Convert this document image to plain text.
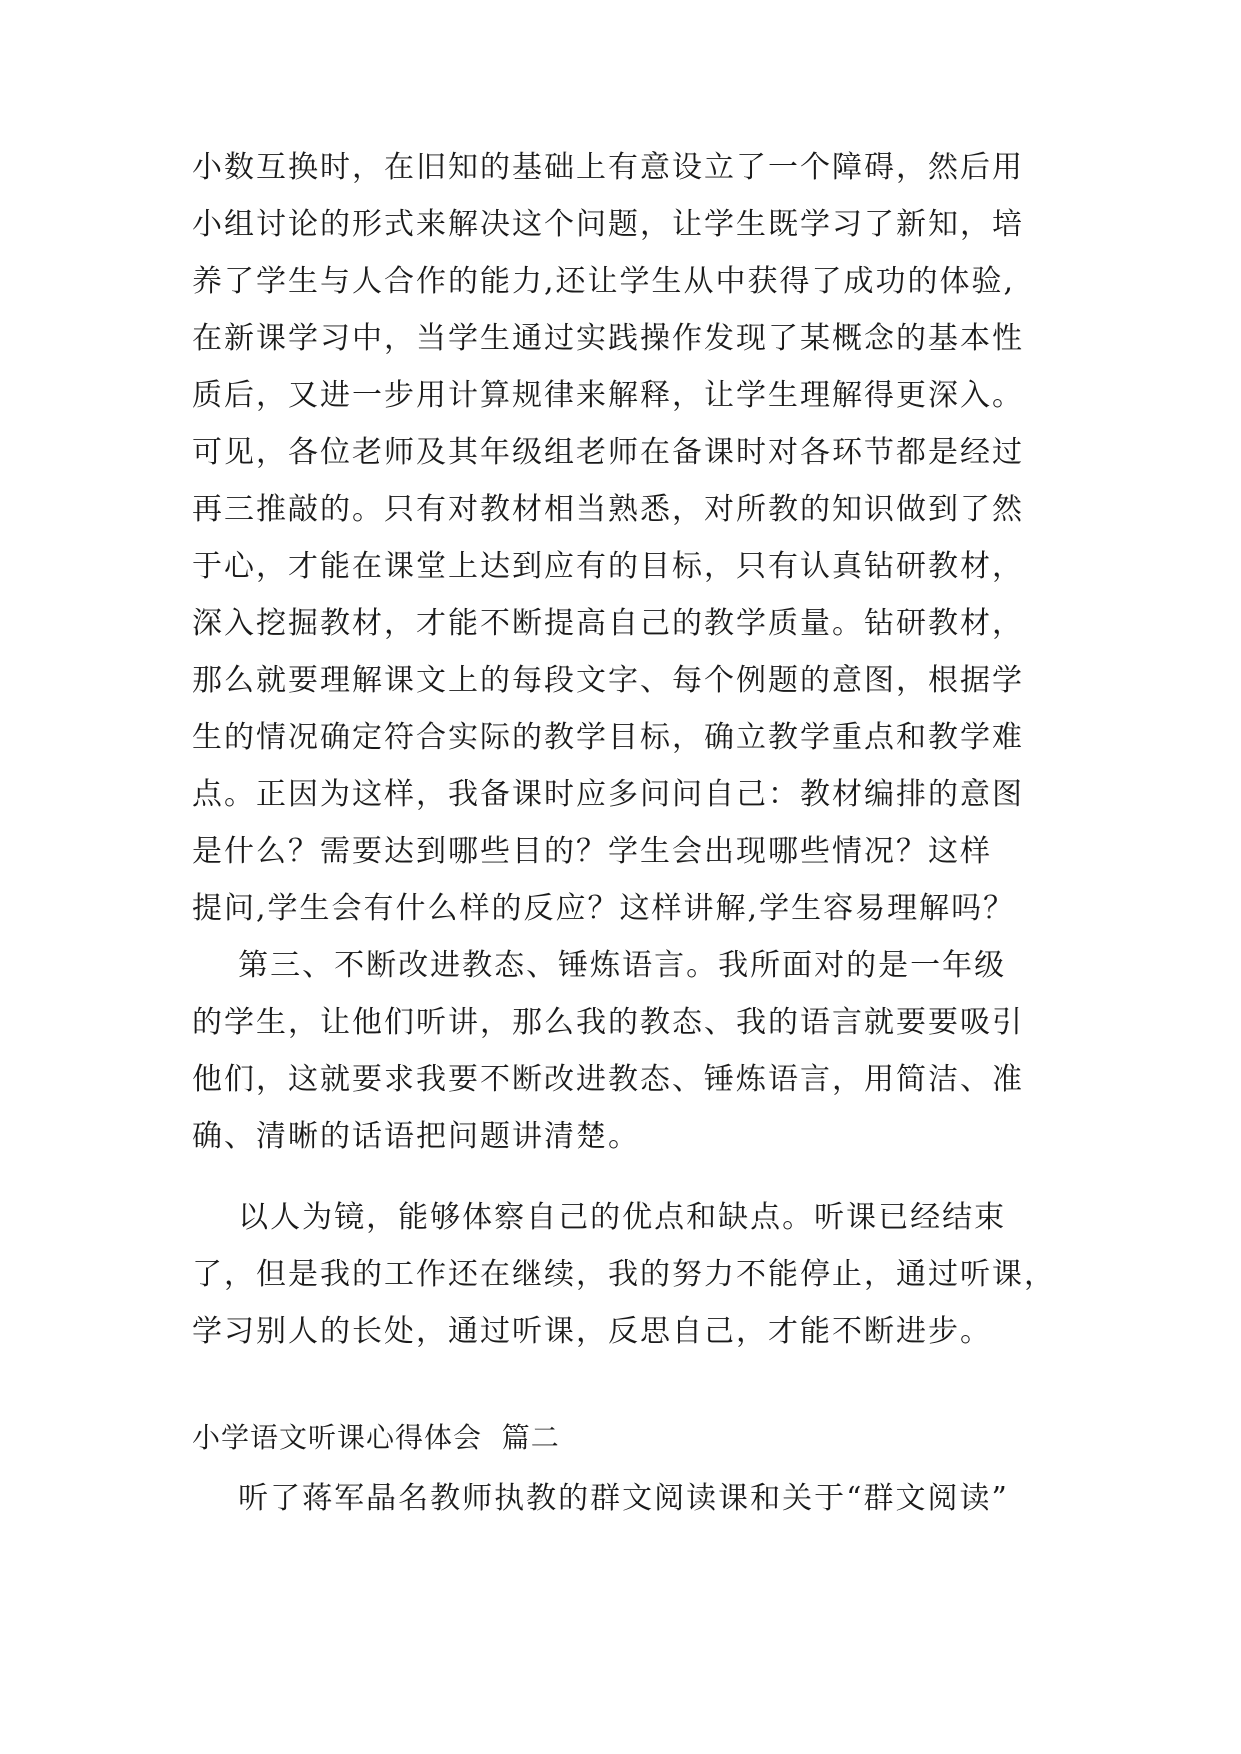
小数互换时，在旧知的基础上有意设立了一个障碍，然后用
小组讨论的形式来解决这个问题，让学生既学习了新知，培
养了学生与人合作的能力,还让学生从中获得了成功的体验,
在新课学习中，当学生通过实践操作发现了某概念的基本性
质后，又进一步用计算规律来解释，让学生理解得更深入。
可见，各位老师及其年级组老师在备课时对各环节都是经过
再三推敲的。只有对教材相当熟悉，对所教的知识做到了然
于心，才能在课堂上达到应有的目标，只有认真钻研教材，
深入挖掘教材，才能不断提高自己的教学质量。钻研教材，
那么就要理解课文上的每段文字、每个例题的意图，根据学
生的情况确定符合实际的教学目标，确立教学重点和教学难
点。正因为这样，我备课时应多问问自己：教材编排的意图
是什么？需要达到哪些目的？学生会出现哪些情况？这样
提问,学生会有什么样的反应？这样讲解,学生容易理解吗？
第三、不断改进教态、锤炼语言。我所面对的是一年级
的学生，让他们听讲，那么我的教态、我的语言就要要吸引
他们，这就要求我要不断改进教态、锤炼语言，用简洁、准
确、清晰的话语把问题讲清楚。
以人为镜，能够体察自己的优点和缺点。听课已经结束
了，但是我的工作还在继续，我的努力不能停止，通过听课，
学习别人的长处，通过听课，反思自己，才能不断进步。
小学语文听课心得体会  篇二
听了蒋军晶名教师执教的群文阅读课和关于“群文阅读”
